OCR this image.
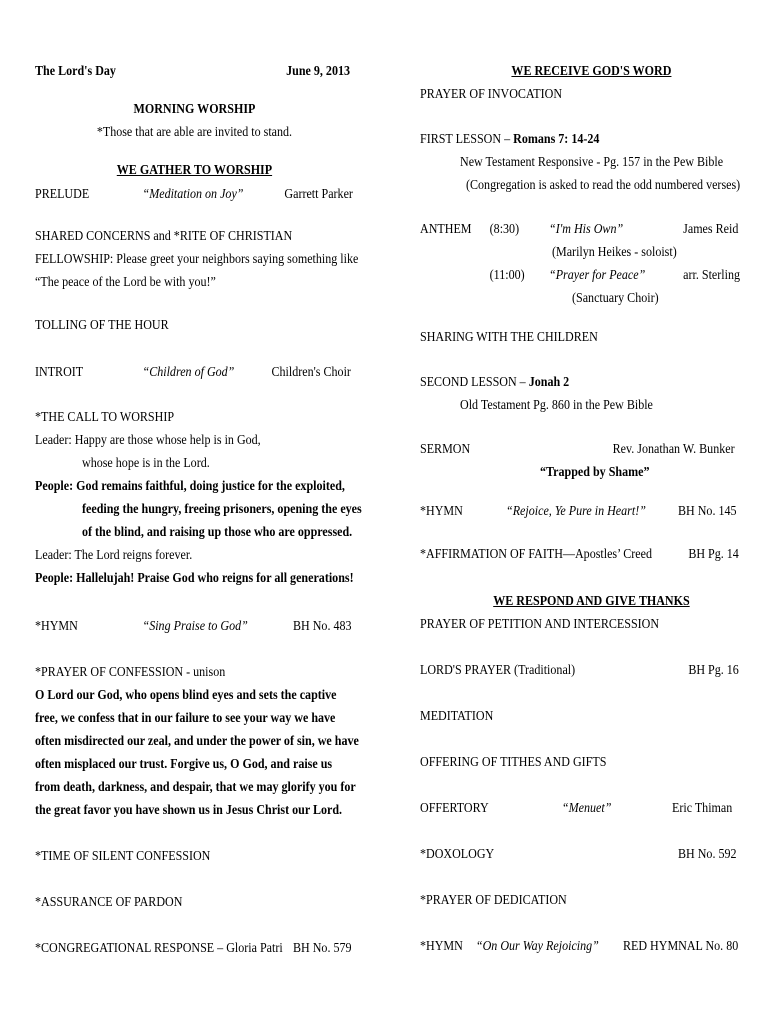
The Lord's Day	June 9, 2013
MORNING WORSHIP
*Those that are able are invited to stand.
WE GATHER TO WORSHIP
PRELUDE	“Meditation on Joy”	Garrett Parker
SHARED CONCERNS and *RITE OF CHRISTIAN
FELLOWSHIP: Please greet your neighbors saying something like
“The peace of the Lord be with you!”
TOLLING OF THE HOUR
INTROIT	“Children of God”	Children's Choir
*THE CALL TO WORSHIP
Leader: Happy are those whose help is in God,
whose hope is in the Lord.
People: God remains faithful, doing justice for the exploited,
feeding the hungry, freeing prisoners, opening the eyes
of the blind, and raising up those who are oppressed.
Leader: The Lord reigns forever.
People: Hallelujah! Praise God who reigns for all generations!
*HYMN	“Sing Praise to God”	BH No. 483
*PRAYER OF CONFESSION - unison
O Lord our God, who opens blind eyes and sets the captive
free, we confess that in our failure to see your way we have
often misdirected our zeal, and under the power of sin, we have
often misplaced our trust. Forgive us, O God, and raise us
from death, darkness, and despair, that we may glorify you for
the great favor you have shown us in Jesus Christ our Lord.
*TIME OF SILENT CONFESSION
*ASSURANCE OF PARDON
*CONGREGATIONAL RESPONSE – Gloria Patri BH No. 579
WE RECEIVE GOD'S WORD
PRAYER OF INVOCATION
FIRST LESSON – Romans 7: 14-24
New Testament Responsive - Pg. 157 in the Pew Bible
(Congregation is asked to read the odd numbered verses)
ANTHEM (8:30) “I'm His Own”	James Reid
(Marilyn Heikes - soloist)
(11:00) “Prayer for Peace”	arr. Sterling
(Sanctuary Choir)
SHARING WITH THE CHILDREN
SECOND LESSON – Jonah 2
Old Testament Pg. 860 in the Pew Bible
SERMON	Rev. Jonathan W. Bunker
“Trapped by Shame”
*HYMN	“Rejoice, Ye Pure in Heart!” BH No. 145
*AFFIRMATION OF FAITH—Apostles’ Creed	BH Pg. 14
WE RESPOND AND GIVE THANKS
PRAYER OF PETITION AND INTERCESSION
LORD'S PRAYER (Traditional)	BH Pg. 16
MEDITATION
OFFERING OF TITHES AND GIFTS
OFFERTORY	“Menuet”	Eric Thiman
*DOXOLOGY	BH No. 592
*PRAYER OF DEDICATION
*HYMN “On Our Way Rejoicing” RED HYMNAL No. 80
